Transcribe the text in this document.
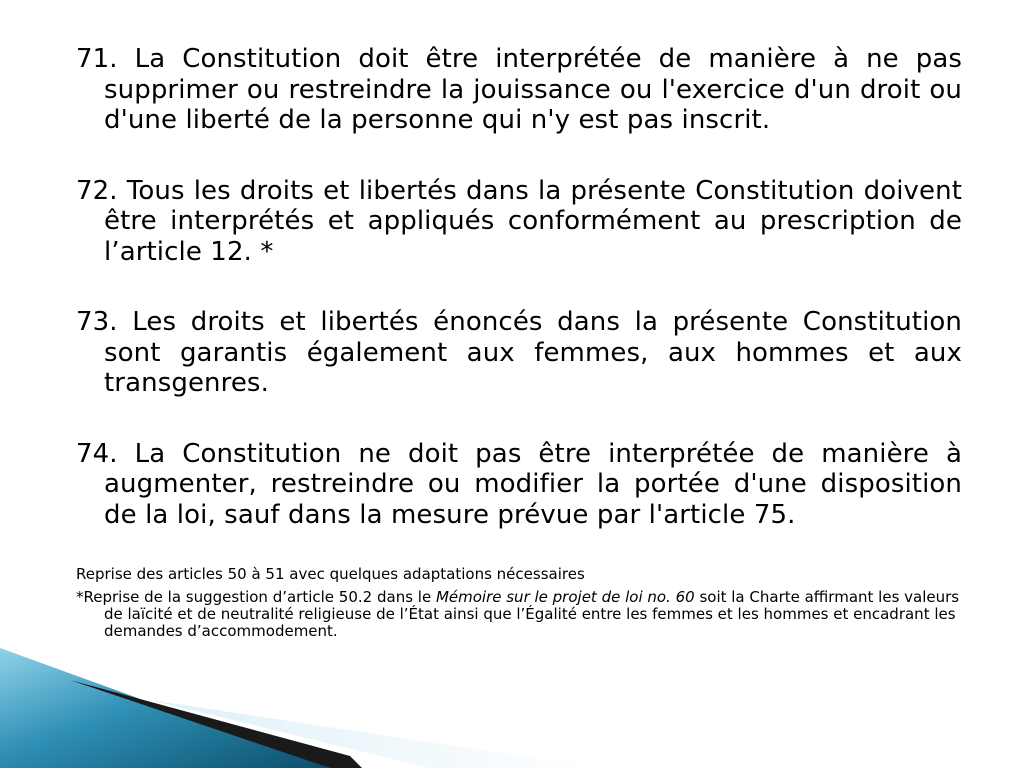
71. La Constitution doit être interprétée de manière à ne pas supprimer ou restreindre la jouissance ou l'exercice d'un droit ou d'une liberté de la personne qui n'y est pas inscrit.

72. Tous les droits et libertés dans la présente Constitution doivent être interprétés et appliqués conformément au prescription de l’article 12. *

73. Les droits et libertés énoncés dans la présente Constitution sont garantis également aux femmes, aux hommes et aux transgenres.

74. La Constitution ne doit pas être interprétée de manière à augmenter, restreindre ou modifier la portée d'une disposition de la loi, sauf dans la mesure prévue par l'article 75.

Reprise des articles 50 à 51 avec quelques adaptations nécessaires

*Reprise de la suggestion d’article 50.2 dans le Mémoire sur le projet de loi no. 60 soit la Charte affirmant les valeurs de laïcité et de neutralité religieuse de l’État ainsi que l’Égalité entre les femmes et les hommes et encadrant les demandes d’accommodement.
